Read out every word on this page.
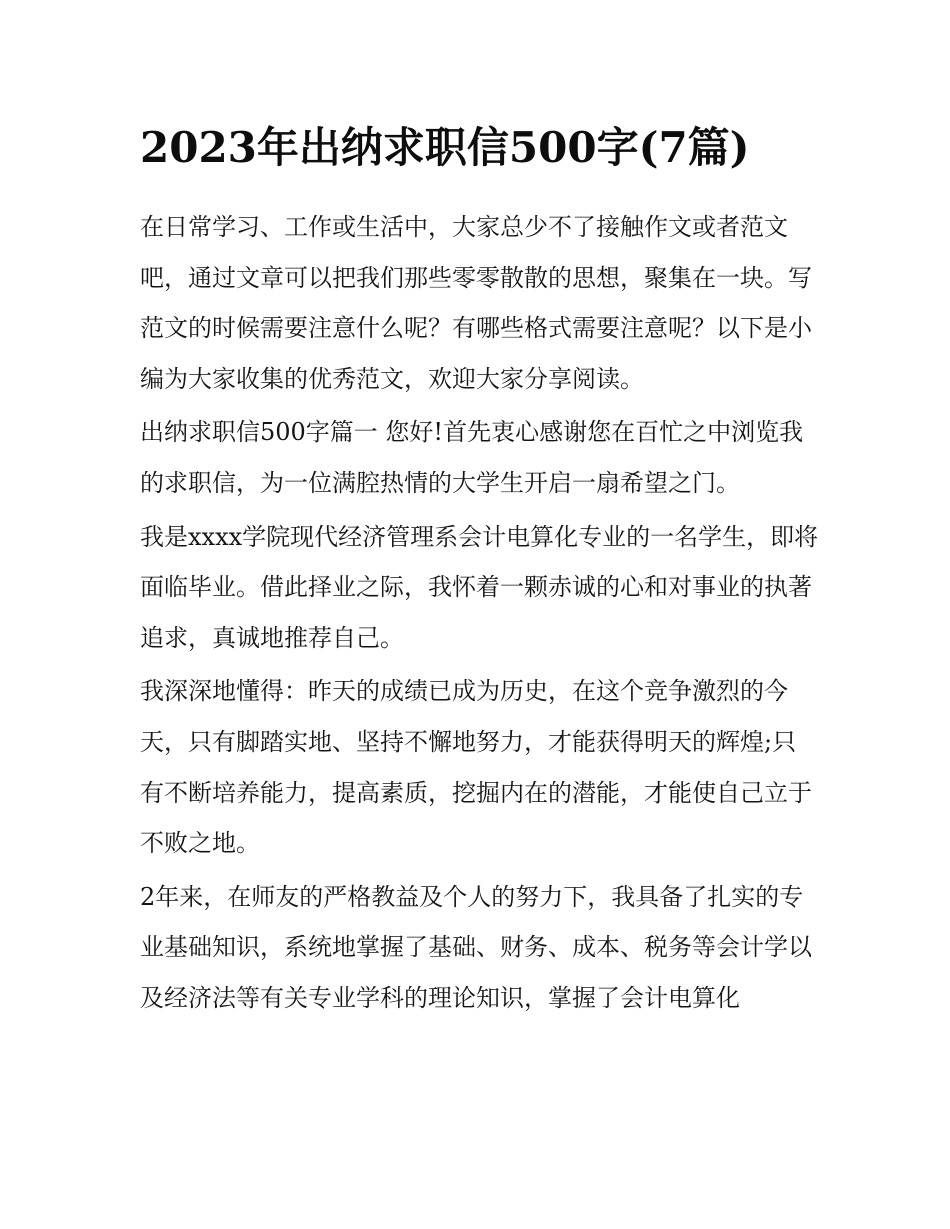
2023年出纳求职信500字(7篇)

在日常学习、工作或生活中，大家总少不了接触作文或者范文吧，通过文章可以把我们那些零零散散的思想，聚集在一块。写范文的时候需要注意什么呢？有哪些格式需要注意呢？以下是小编为大家收集的优秀范文，欢迎大家分享阅读。

出纳求职信500字篇一 您好!首先衷心感谢您在百忙之中浏览我的求职信，为一位满腔热情的大学生开启一扇希望之门。

我是xxxx学院现代经济管理系会计电算化专业的一名学生，即将面临毕业。借此择业之际，我怀着一颗赤诚的心和对事业的执著追求，真诚地推荐自己。

我深深地懂得：昨天的成绩已成为历史，在这个竞争激烈的今天，只有脚踏实地、坚持不懈地努力，才能获得明天的辉煌;只有不断培养能力，提高素质，挖掘内在的潜能，才能使自己立于不败之地。

2年来，在师友的严格教益及个人的努力下，我具备了扎实的专业基础知识，系统地掌握了基础、财务、成本、税务等会计学以及经济法等有关专业学科的理论知识，掌握了会计电算化
